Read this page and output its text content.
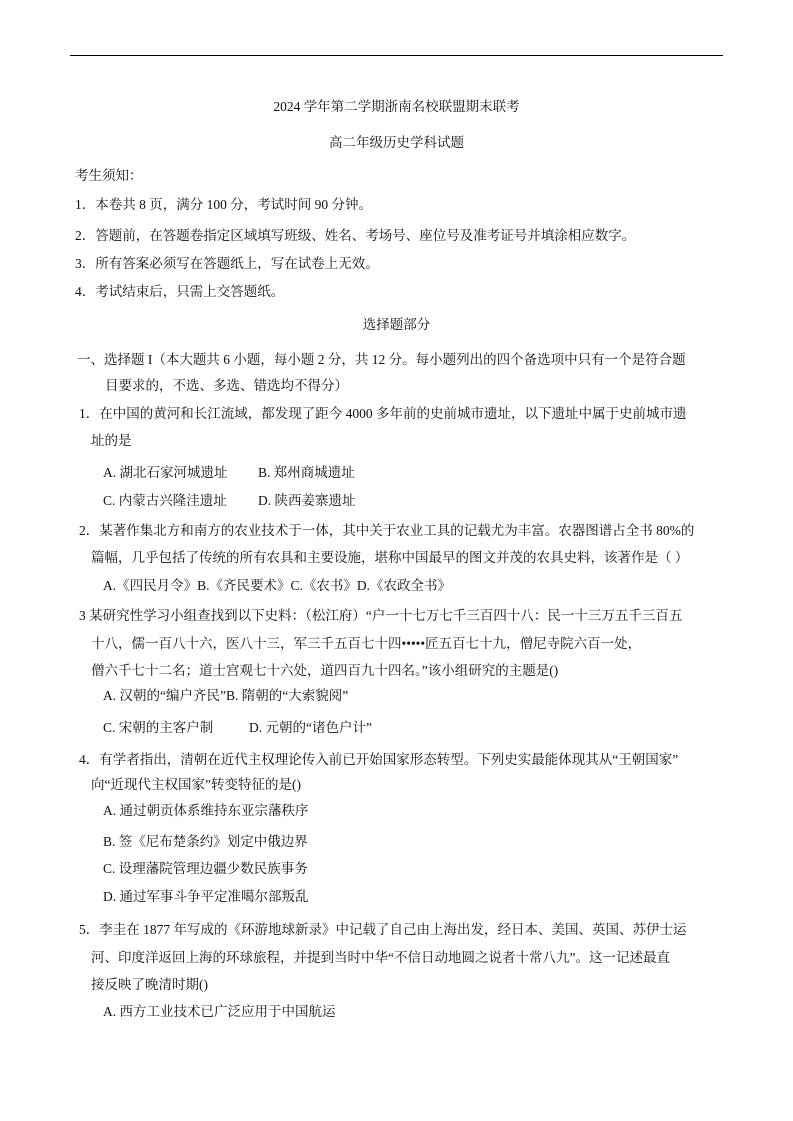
2024 学年第二学期浙南名校联盟期末联考
高二年级历史学科试题
考生须知：
1．本卷共 8 页，满分 100 分，考试时间 90 分钟。
2．答题前，在答题卷指定区域填写班级、姓名、考场号、座位号及准考证号并填涂相应数字。
3．所有答案必须写在答题纸上，写在试卷上无效。
4．考试结束后，只需上交答题纸。
选择题部分
一、选择题 I（本大题共 6 小题，每小题 2 分，共 12 分。每小题列出的四个备选项中只有一个是符合题
目要求的，不选、多选、错选均不得分）
1．在中国的黄河和长江流域，都发现了距今 4000 多年前的史前城市遗址，以下遗址中属于史前城市遗
址的是
A. 湖北石家河城遗址 B. 郑州商城遗址
C. 内蒙古兴隆洼遗址 D. 陕西姜寨遗址
2．某著作集北方和南方的农业技术于一体，其中关于农业工具的记载尤为丰富。农器图谱占全书 80%的
篇幅，几乎包括了传统的所有农具和主要设施，堪称中国最早的图文并茂的农具史料，该著作是（ ）
A.《四民月令》B.《齐民要术》C.《农书》D.《农政全书》
3 某研究性学习小组查找到以下史料：（松江府）“户一十七万七千三百四十八：民一十三万五千三百五
十八，儒一百八十六，医八十三，军三千五百七十四•••••匠五百七十九，僧尼寺院六百一处，
僧六千七十二名；道士宫观七十六处，道四百九十四名。”该小组研究的主题是()
A. 汉朝的“编户齐民”B. 隋朝的“大索貌阅”
C. 宋朝的主客户制	D. 元朝的“诸色户计”
4．有学者指出，清朝在近代主权理论传入前已开始国家形态转型。下列史实最能体现其从“王朝国家”
向“近现代主权国家”转变特征的是()
A. 通过朝贡体系维持东亚宗藩秩序
B. 签《尼布楚条约》划定中俄边界
C. 设理藩院管理边疆少数民族事务
D. 通过军事斗争平定准噶尔部叛乱
5．李圭在 1877 年写成的《环游地球新录》中记载了自己由上海出发，经日本、美国、英国、苏伊士运
河、印度洋返回上海的环球旅程，并提到当时中华“不信日动地圆之说者十常八九”。这一记述最直
接反映了晚清时期()
A. 西方工业技术已广泛应用于中国航运
